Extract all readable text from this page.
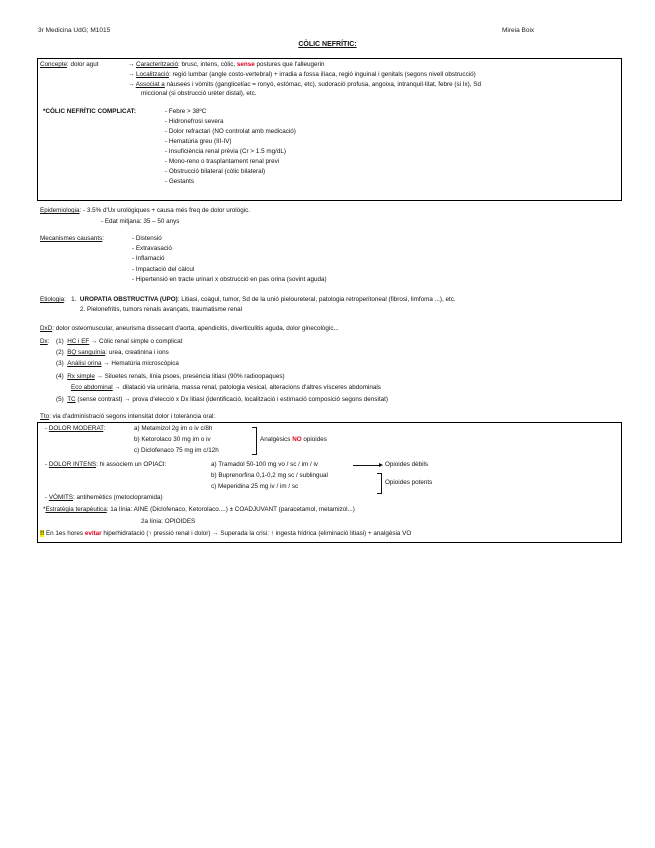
3r Medicina UdG; M1015	Mireia Boix
CÒLIC NEFRÍTIC:
Concepte: dolor agut	→ Caracterització: brusc, intens, còlic, sense postures que l'alleugerin
→ Localització: regió lumbar (angle costo-vertebral) + irradia a fossa ilíaca, regió inguinal i genitals (segons nivell obstrucció)
→ Associat a nàusees i vòmits (ganglicelíac = ronyó, estómac, etc), sudoració profusa, angoixa, intranquil·litat, febre (si Ix), Sd
miccional (si obstrucció urèter distal), etc.
*CÒLIC NEFRÍTIC COMPLICAT:	- Febre > 38ºC
- Hidronefrosi severa
- Dolor refractari (NO controlat amb medicació)
- Hematúria greu (III-IV)
- Insuficiència renal prèvia (Cr > 1.5 mg/dL)
- Mono-reno o trasplantament renal previ
- Obstrucció bilateral (còlic bilateral)
- Gestants
Epidemiologia: - 3.5% d'Ux urològiques + causa més freq de dolor urològic.
- Edat mitjana: 35 – 50 anys
Mecanismes causants:	- Distensió
- Extravasació
- Inflamació
- Impactació del càlcul
- Hipertensió en tracte urinari x obstrucció en pas orina (sovint aguda)
Etiologia:   1. UROPATIA OBSTRUCTIVA (UPO): Litiasi, coàgul, tumor, Sd de la unió pieloureteral, patologia retroperitoneal (fibrosi, limfoma ...), etc.
2. Pielonefritis, tumors renals avançats, traumatisme renal
DxD: dolor osteomuscular, aneurisma dissecant d'aorta, apendicitis, diverticulitis aguda, dolor ginecològic...
Dx: (1) HC i EF → Còlic renal simple o complicat
(2) BQ sanguínia: urea, creatinina i ions
(3) Anàlisi orina → Hematúria microscòpica
(4) Rx simple → Siluetes renals, línia psoes, presència litiasi (90% radioopaques)
Eco abdominal → dilatació via urinària, massa renal, patologia vesical, alteracions d'altres vísceres abdominals
(5) TC (sense contrast) → prova d'elecció x Dx litiasi (identificació, localització i estimació composició segons densitat)
Tto: via d'administració segons intensitat dolor i tolerància oral:
- DOLOR MODERAT:	a) Metamizol 2g im o iv c/8h
b) Ketorolaco 30 mg im o iv
c) Diclofenaco 75 mg im c/12h
Analgèsics NO opioides
- DOLOR INTENS: hi associem un OPIACI:	a) Tramadol 50-100 mg vo / sc / im / iv	Opioides dèbils
b) Buprenorfina 0,1-0,2 mg sc / sublingual
c) Meperidina 25 mg iv / im / sc
Opioides potents
- VÒMITS: antihemètics (metoclopramida)
*Estratègia terapèutica: 1a línia: AINE (Diclofenaco, Ketorolaco....) ± COADJUVANT (paracetamol, metamizol...)
2a línia: OPIOIDES
!! En 1es hores evitar hiperhidratació (↑ pressió renal i dolor) → Superada la crisi: ↑ ingesta hídrica (eliminació litiasi) + analgèsia VO
